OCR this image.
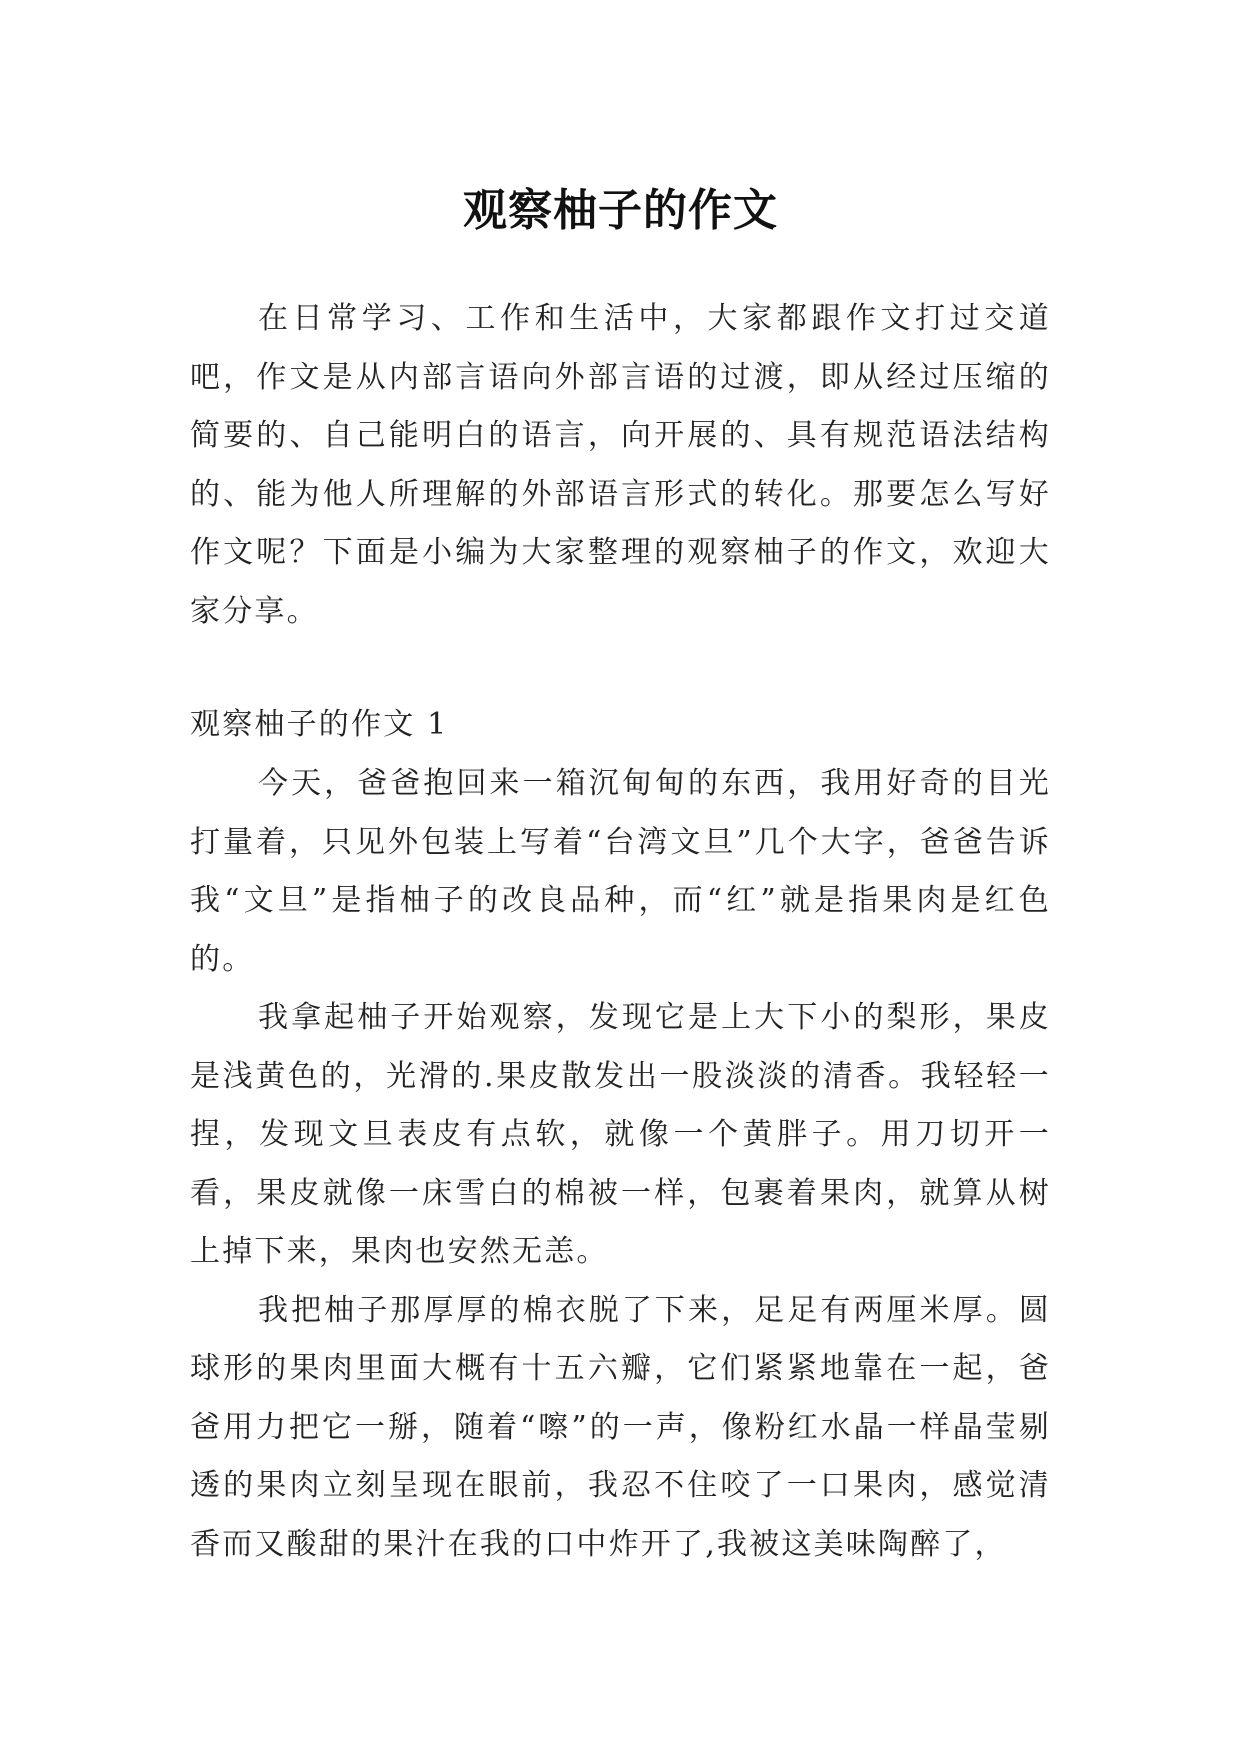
观察柚子的作文

在日常学习、工作和生活中，大家都跟作文打过交道吧，作文是从内部言语向外部言语的过渡，即从经过压缩的简要的、自己能明白的语言，向开展的、具有规范语法结构的、能为他人所理解的外部语言形式的转化。那要怎么写好作文呢？下面是小编为大家整理的观察柚子的作文，欢迎大家分享。

观察柚子的作文 1

今天，爸爸抱回来一箱沉甸甸的东西，我用好奇的目光打量着，只见外包装上写着“台湾文旦”几个大字，爸爸告诉我“文旦”是指柚子的改良品种，而“红”就是指果肉是红色的。

我拿起柚子开始观察，发现它是上大下小的梨形，果皮是浅黄色的，光滑的.果皮散发出一股淡淡的清香。我轻轻一捏，发现文旦表皮有点软，就像一个黄胖子。用刀切开一看，果皮就像一床雪白的棉被一样，包裹着果肉，就算从树上掉下来，果肉也安然无恙。

我把柚子那厚厚的棉衣脱了下来，足足有两厘米厚。圆球形的果肉里面大概有十五六瓣，它们紧紧地靠在一起，爸爸用力把它一掰，随着“嚓”的一声，像粉红水晶一样晶莹剔透的果肉立刻呈现在眼前，我忍不住咬了一口果肉，感觉清香而又酸甜的果汁在我的口中炸开了,我被这美味陶醉了，
